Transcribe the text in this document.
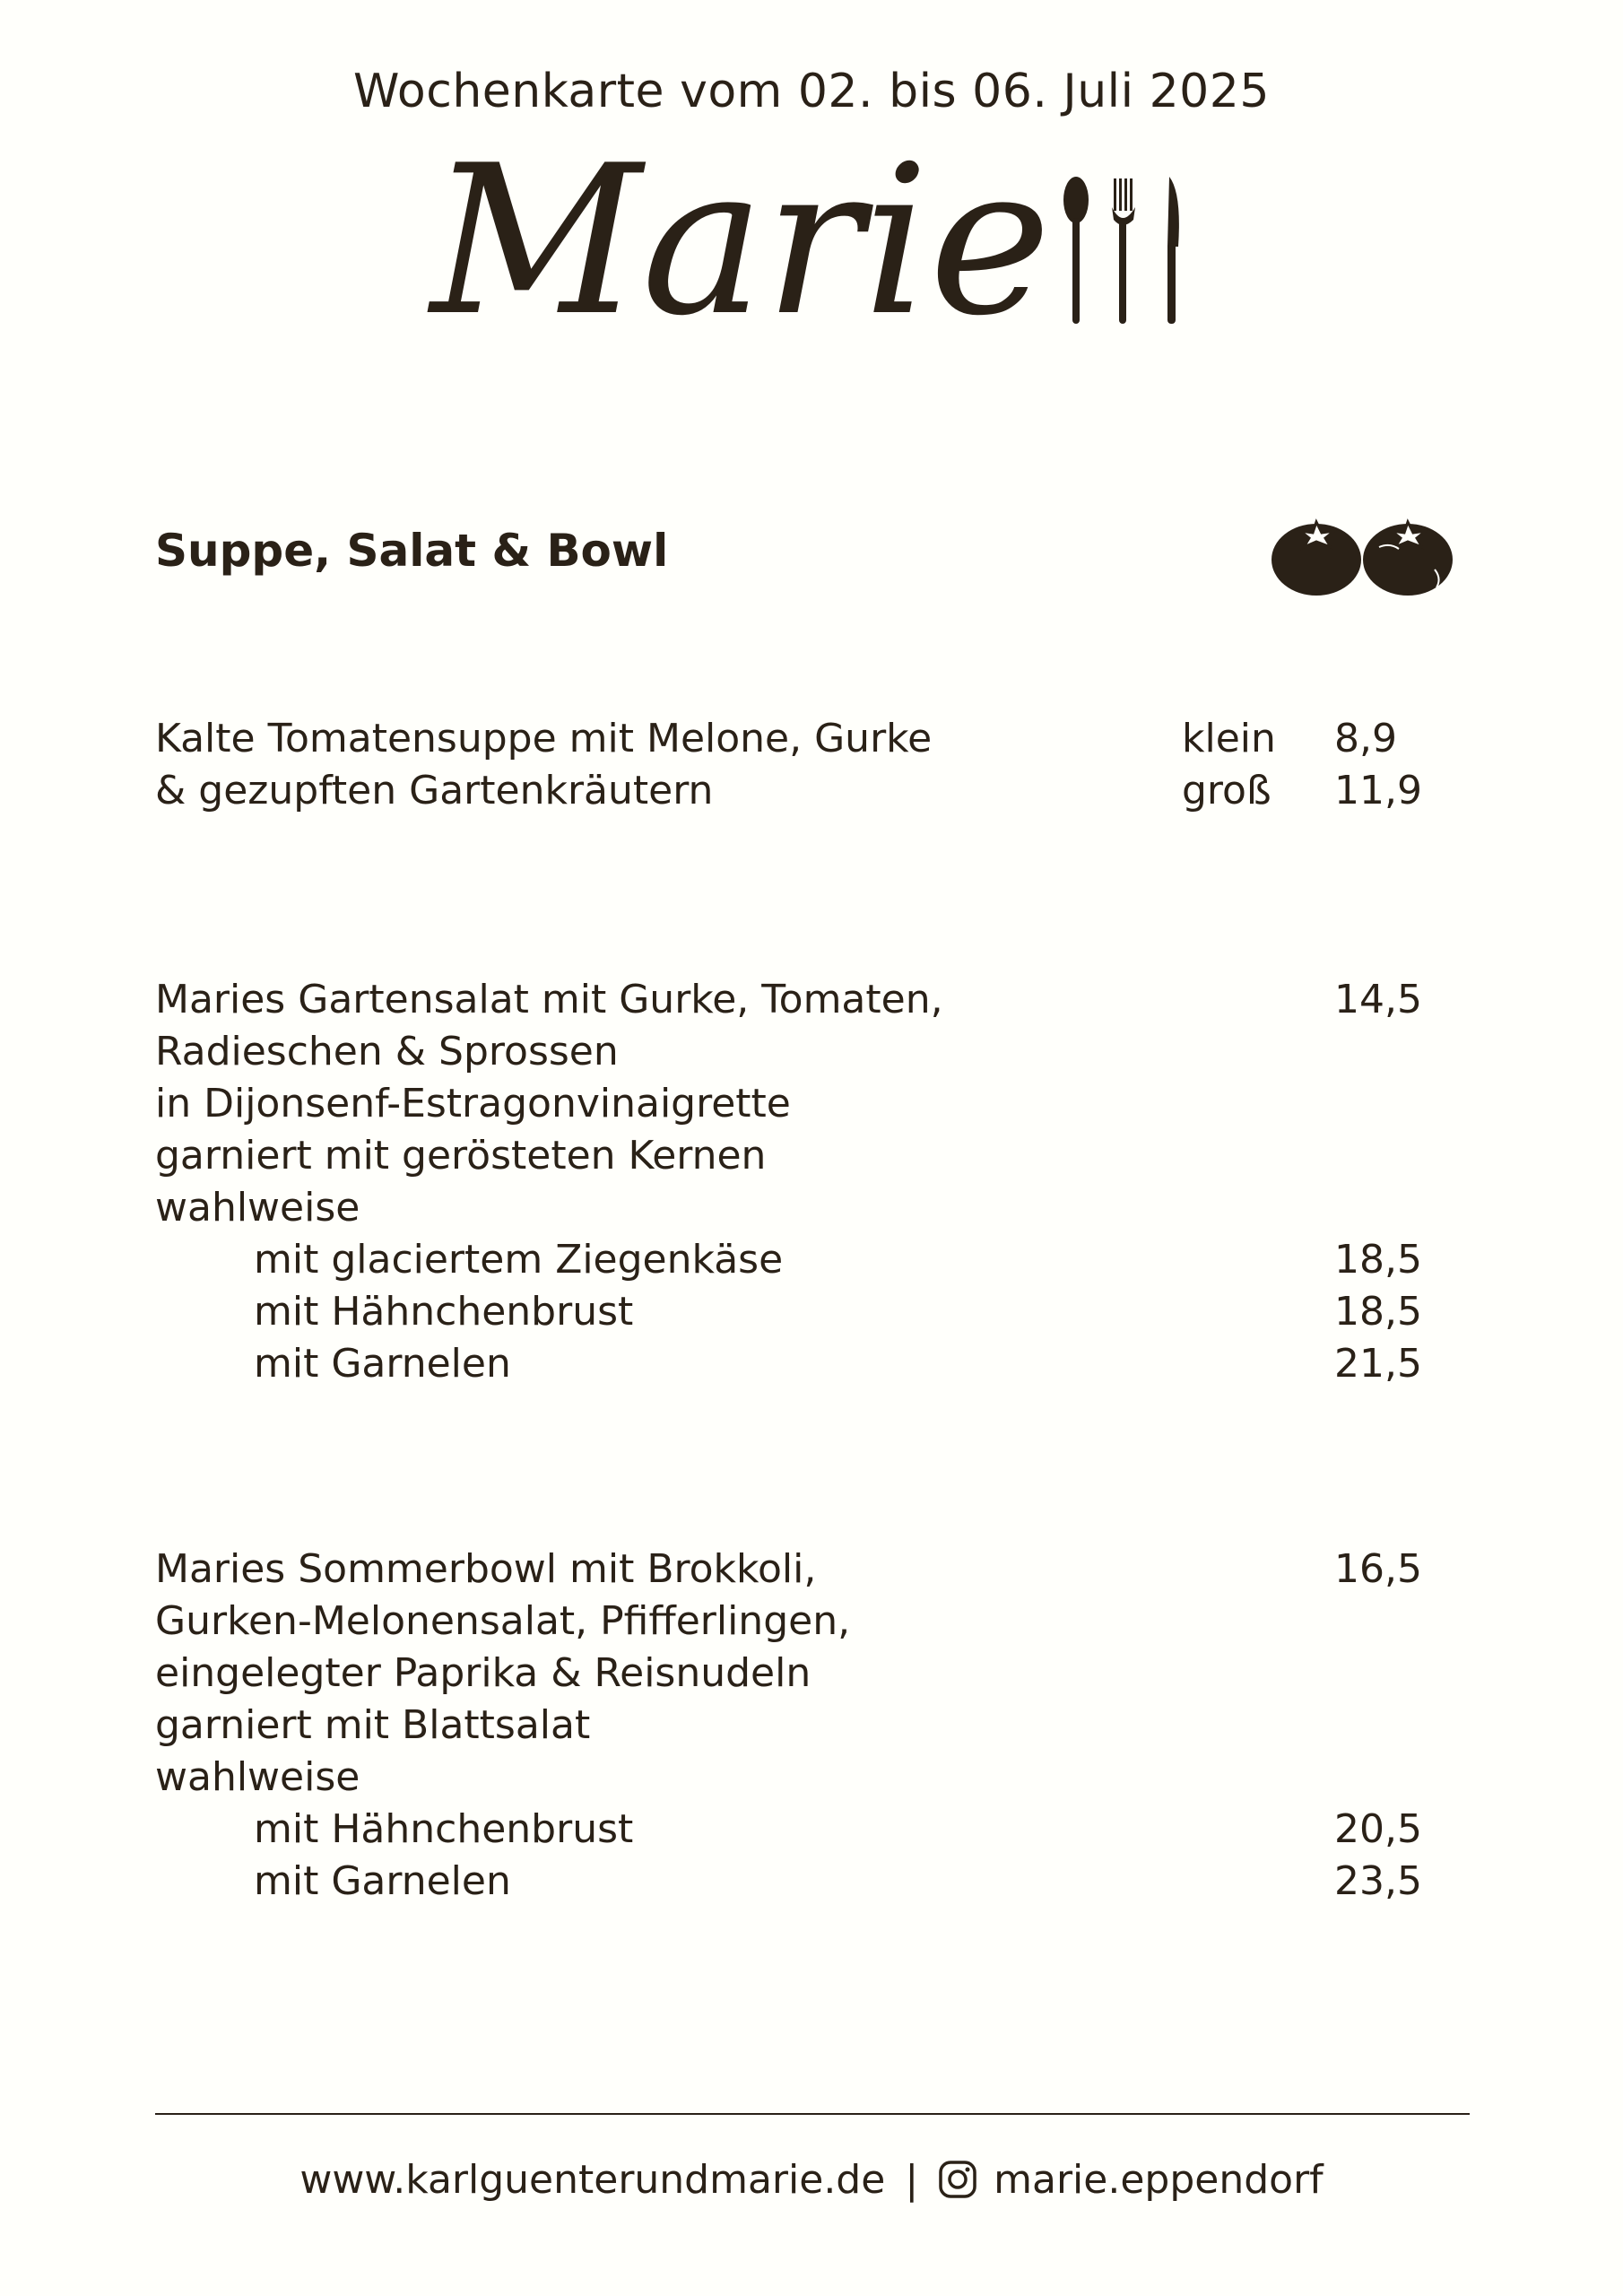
Wochenkarte vom 02. bis 06. Juli 2025
Marie
Suppe, Salat & Bowl
Kalte Tomatensuppe mit Melone, Gurke	klein 8,9
& gezupften Gartenkräutern	groß 11,9
Maries Gartensalat mit Gurke, Tomaten,	14,5
Radieschen & Sprossen
in Dijonsenf-Estragonvinaigrette
garniert mit gerösteten Kernen
wahlweise
mit glaciertem Ziegenkäse	18,5
mit Hähnchenbrust	18,5
mit Garnelen	21,5
Maries Sommerbowl mit Brokkoli,	16,5
Gurken-Melonensalat, Pfifferlingen,
eingelegter Paprika & Reisnudeln
garniert mit Blattsalat
wahlweise
mit Hähnchenbrust	20,5
mit Garnelen	23,5
www.karlguenterundmarie.de | marie.eppendorf
